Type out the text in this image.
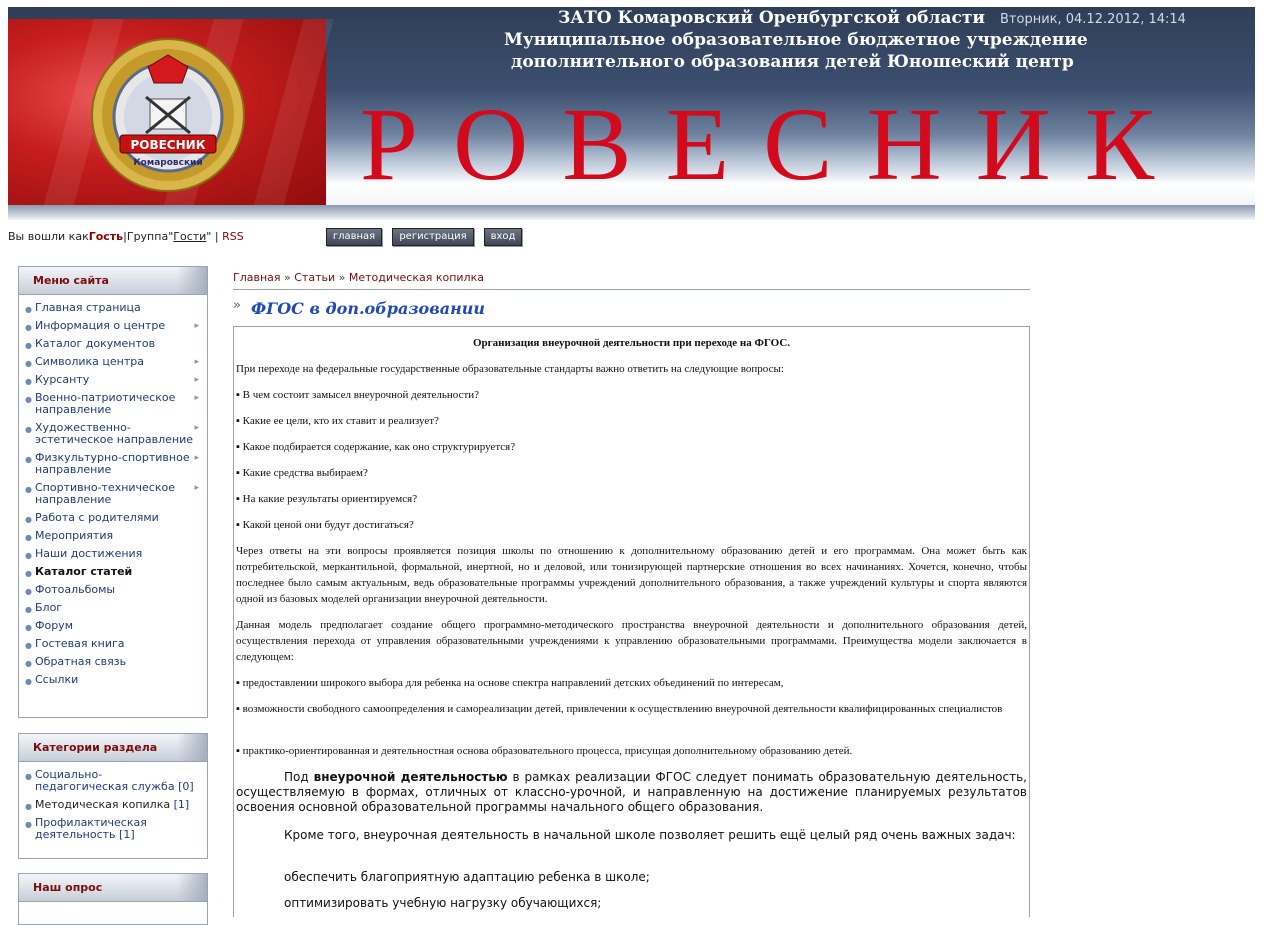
РОВЕСНИК
Комаровский
ЗАТО Комаровский Оренбургской области Вторник, 04.12.2012, 14:14
Муниципальное образовательное бюджетное учреждение
дополнительного образования детей Юношеский центр
РОВЕСНИК
Вы вошли какГость|Группа"Гости" | RSS	главная	регистрация	вход
Меню сайта
● Главная страница
● Информация о центре	▸
● Каталог документов
● Символика центра	▸
● Курсанту	▸
● Военно-патриотическое направление
▸
● Художественно-эстетическое направление
▸
● Физкультурно-спортивное направление
▸
● Спортивно-техническое направление
▸
● Работа с родителями
● Мероприятия
● Наши достижения
● Каталог статей
● Фотоальбомы
● Блог
● Форум
● Гостевая книга
● Обратная связь
● Ссылки
Категории раздела
● Социально-педагогическая служба [0]
● Методическая копилка [1]
● Профилактическая деятельность [1]
Наш опрос
Главная » Статьи » Методическая копилка
» ФГОС в доп.образовании

Организация внеурочной деятельности при переходе на ФГОС.

При переходе на федеральные государственные образовательные стандарты важно ответить на следующие вопросы:

▪ В чем состоит замысел внеурочной деятельности?

▪ Какие ее цели, кто их ставит и реализует?

▪ Какое подбирается содержание, как оно структурируется?

▪ Какие средства выбираем?

▪ На какие результаты ориентируемся?

▪ Какой ценой они будут достигаться?

Через ответы на эти вопросы проявляется позиция школы по отношению к дополнительному образованию детей и его программам. Она может быть как потребительской, меркантильной, формальной, инертной, но и деловой, или тонизирующей партнерские отношения во всех начинаниях. Хочется, конечно, чтобы последнее было самым актуальным, ведь образовательные программы учреждений дополнительного образования, а также учреждений культуры и спорта являются одной из базовых моделей организации внеурочной деятельности.

Данная модель предполагает создание общего программно-методического пространства внеурочной деятельности и дополнительного образования детей, осуществления перехода от управления образовательными учреждениями к управлению образовательными программами. Преимущества модели заключается в следующем:

▪ предоставлении широкого выбора для ребенка на основе спектра направлений детских объединений по интересам,

▪ возможности свободного самоопределения и самореализации детей, привлечении к осуществлению внеурочной деятельности квалифицированных специалистов

▪ практико-ориентированная и деятельностная основа образовательного процесса, присущая дополнительному образованию детей.

Под внеурочной деятельностью в рамках реализации ФГОС следует понимать образовательную деятельность, осуществляемую в формах, отличных от классно-урочной, и направленную на достижение планируемых результатов освоения основной образовательной программы начального общего образования.

Кроме того, внеурочная деятельность в начальной школе позволяет решить ещё целый ряд очень важных задач:

обеспечить благоприятную адаптацию ребенка в школе;

оптимизировать учебную нагрузку обучающихся;
